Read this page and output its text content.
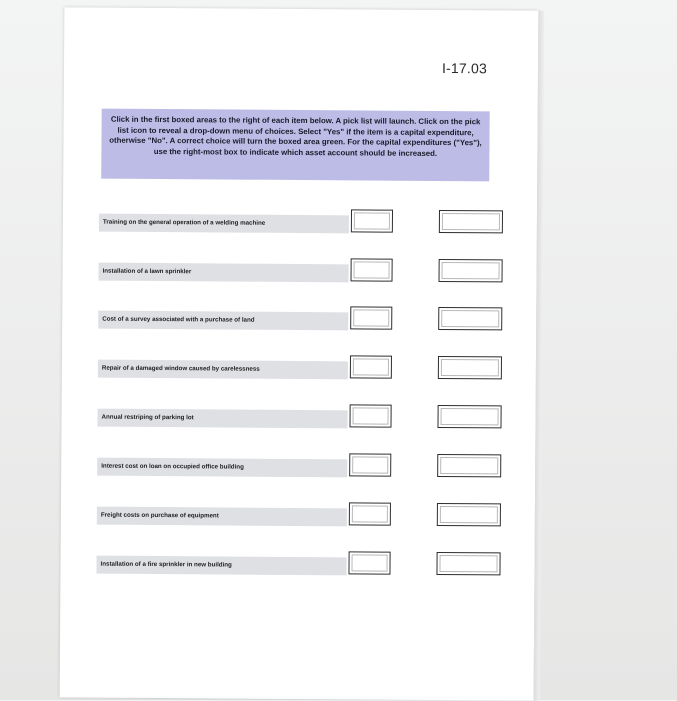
I-17.03
Click in the first boxed areas to the right of each item below. A pick list will launch. Click on the pick list icon to reveal a drop-down menu of choices. Select "Yes" if the item is a capital expenditure, otherwise "No". A correct choice will turn the boxed area green. For the capital expenditures ("Yes"), use the right-most box to indicate which asset account should be increased.
Training on the general operation of a welding machine
Installation of a lawn sprinkler
Cost of a survey associated with a purchase of land
Repair of a damaged window caused by carelessness
Annual restriping of parking lot
Interest cost on loan on occupied office building
Freight costs on purchase of equipment
Installation of a fire sprinkler in new building
